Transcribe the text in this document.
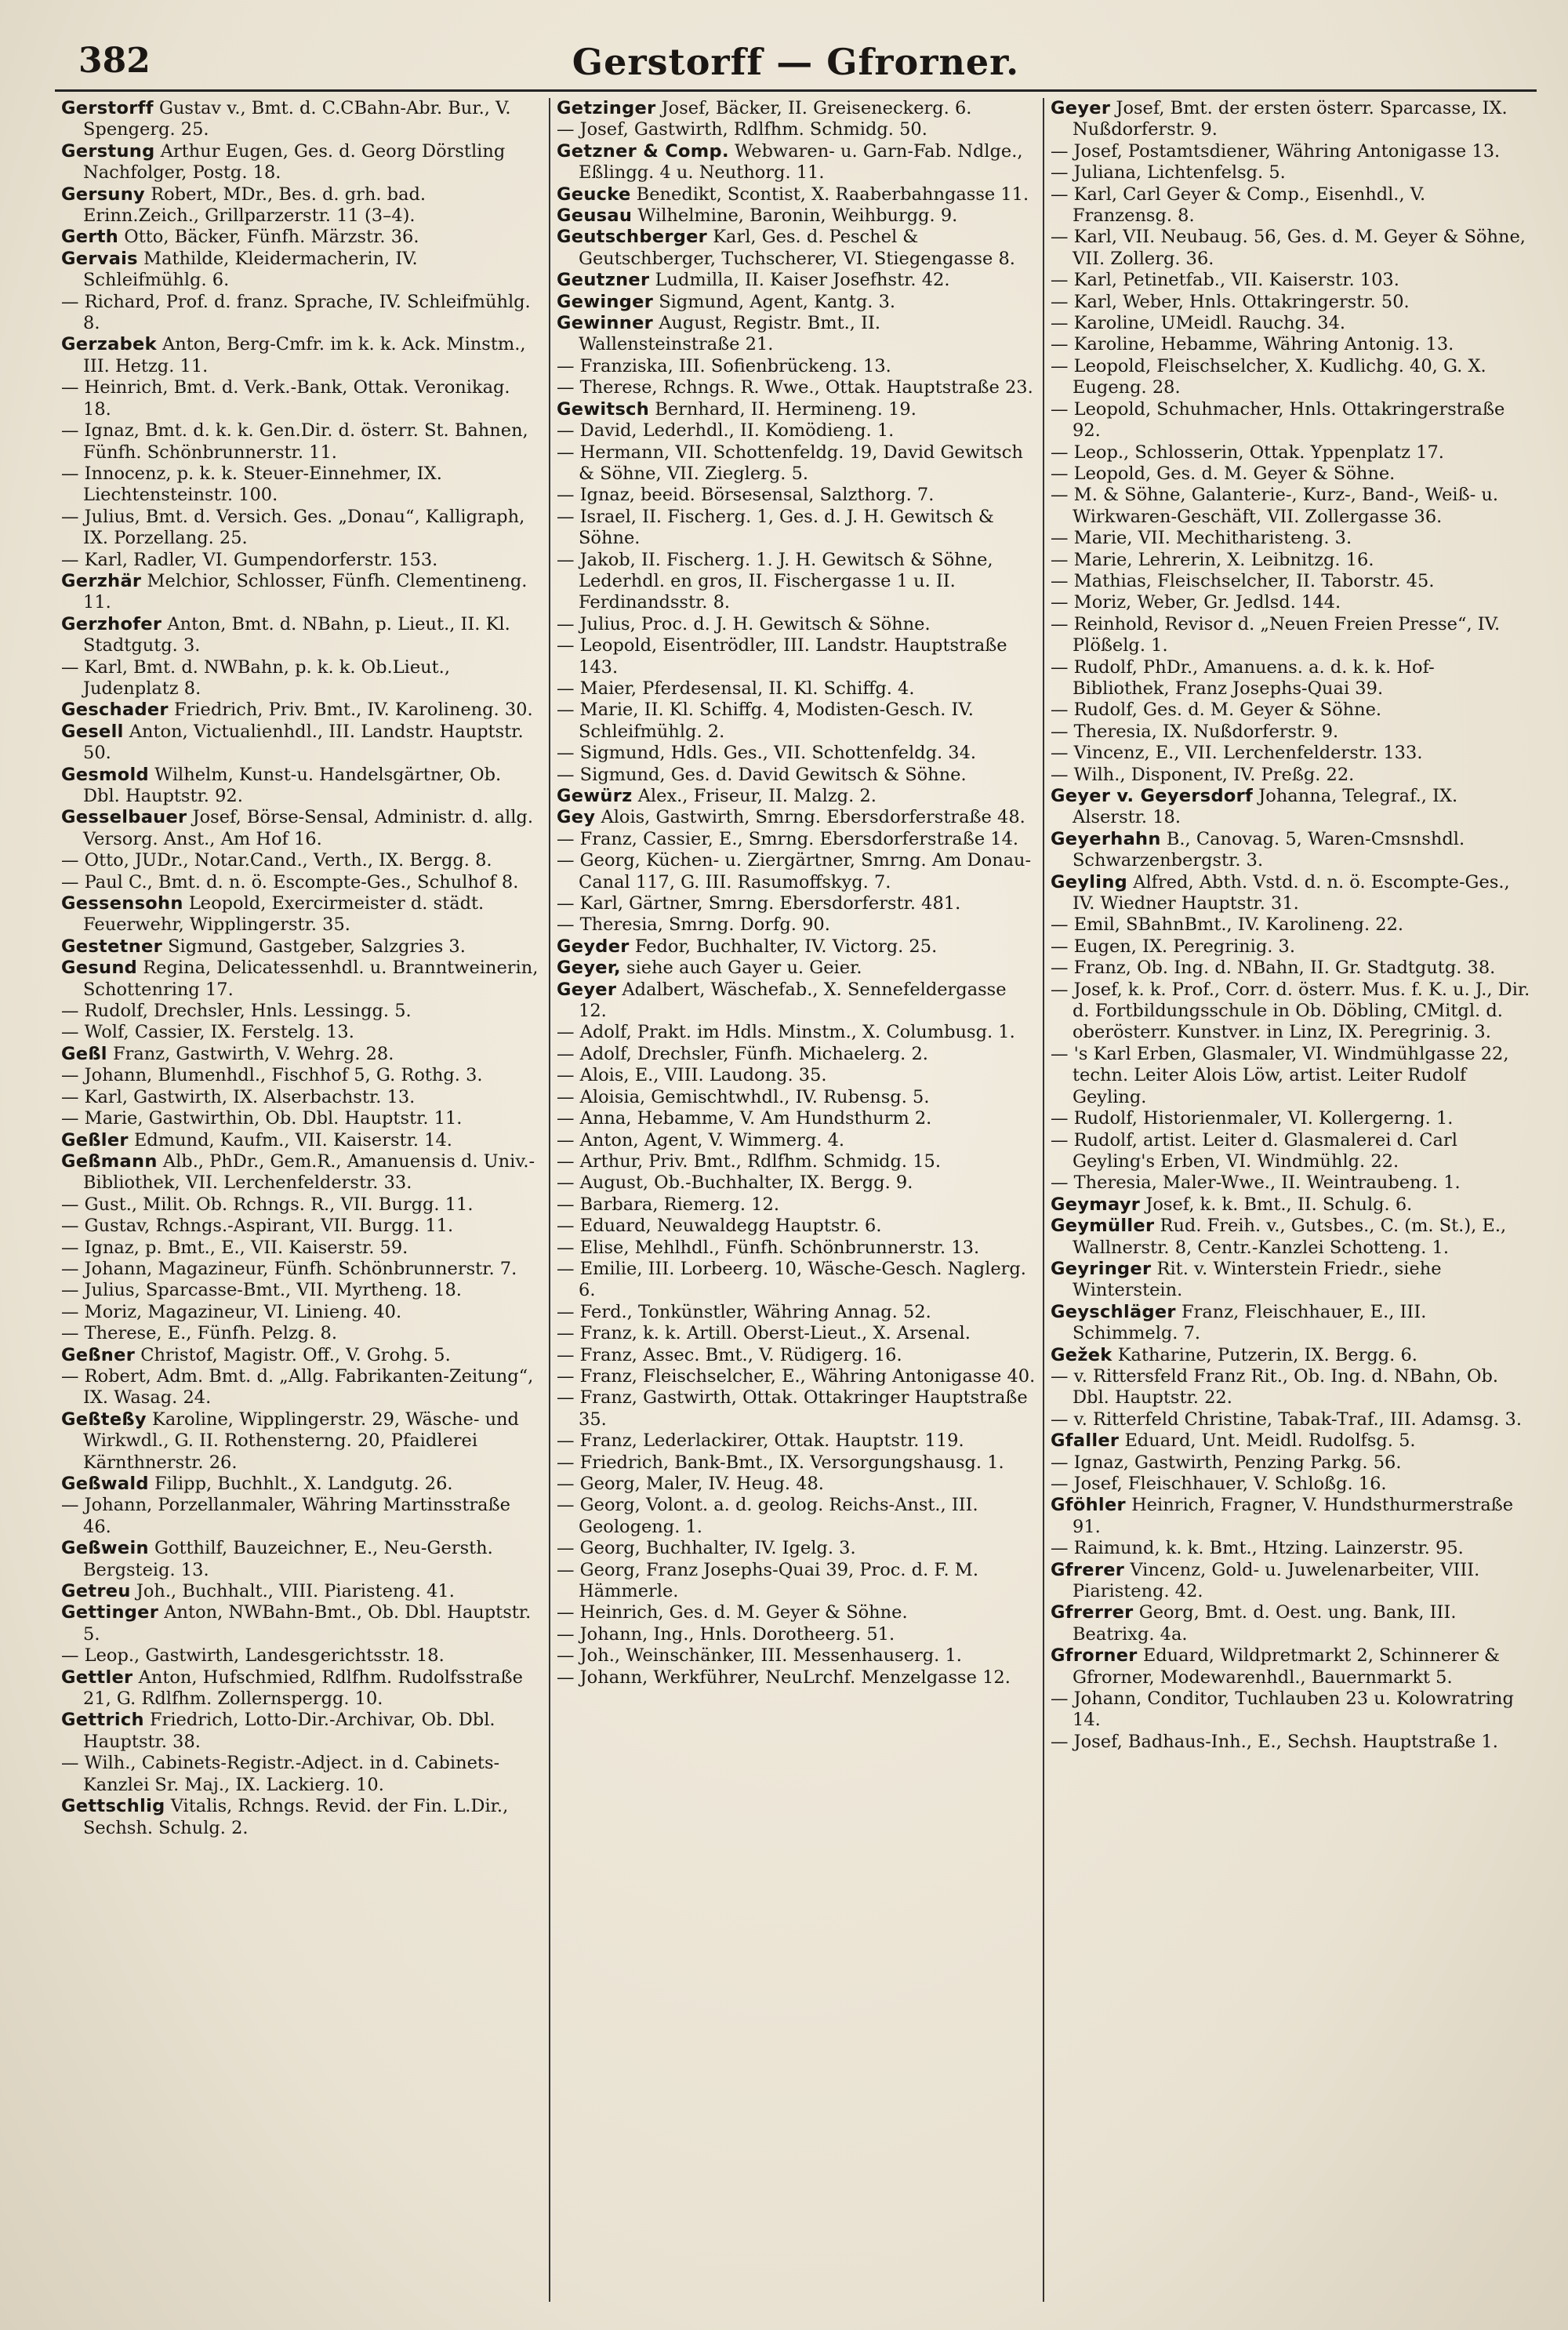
382	Gerstorff — Gfrorner.

Gerstorff Gustav v., Bmt. d. C.CBahn-Abr. Bur., V. Spengerg. 25.

Gerstung Arthur Eugen, Ges. d. Georg Dörstling Nachfolger, Postg. 18.

Gersuny Robert, MDr., Bes. d. grh. bad. Erinn.Zeich., Grillparzerstr. 11 (3–4).

Gerth Otto, Bäcker, Fünfh. Märzstr. 36.

Gervais Mathilde, Kleidermacherin, IV. Schleifmühlg. 6.

— Richard, Prof. d. franz. Sprache, IV. Schleifmühlg. 8.

Gerzabek Anton, Berg-Cmfr. im k. k. Ack. Minstm., III. Hetzg. 11.

— Heinrich, Bmt. d. Verk.-Bank, Ottak. Veronikag. 18.

— Ignaz, Bmt. d. k. k. Gen.Dir. d. österr. St. Bahnen, Fünfh. Schönbrunnerstr. 11.

— Innocenz, p. k. k. Steuer-Einnehmer, IX. Liechtensteinstr. 100.

— Julius, Bmt. d. Versich. Ges. „Donau“, Kalligraph, IX. Porzellang. 25.

— Karl, Radler, VI. Gumpendorferstr. 153.

Gerzhär Melchior, Schlosser, Fünfh. Clementineng. 11.

Gerzhofer Anton, Bmt. d. NBahn, p. Lieut., II. Kl. Stadtgutg. 3.

— Karl, Bmt. d. NWBahn, p. k. k. Ob.Lieut., Judenplatz 8.

Geschader Friedrich, Priv. Bmt., IV. Karolineng. 30.

Gesell Anton, Victualienhdl., III. Landstr. Hauptstr. 50.

Gesmold Wilhelm, Kunst-u. Handelsgärtner, Ob. Dbl. Hauptstr. 92.

Gesselbauer Josef, Börse-Sensal, Administr. d. allg. Versorg. Anst., Am Hof 16.

— Otto, JUDr., Notar.Cand., Verth., IX. Bergg. 8.

— Paul C., Bmt. d. n. ö. Escompte-Ges., Schulhof 8.

Gessensohn Leopold, Exercirmeister d. städt. Feuerwehr, Wipplingerstr. 35.

Gestetner Sigmund, Gastgeber, Salzgries 3.

Gesund Regina, Delicatessenhdl. u. Branntweinerin, Schottenring 17.

— Rudolf, Drechsler, Hnls. Lessingg. 5.

— Wolf, Cassier, IX. Ferstelg. 13.

Geßl Franz, Gastwirth, V. Wehrg. 28.

— Johann, Blumenhdl., Fischhof 5, G. Rothg. 3.

— Karl, Gastwirth, IX. Alserbachstr. 13.

— Marie, Gastwirthin, Ob. Dbl. Hauptstr. 11.

Geßler Edmund, Kaufm., VII. Kaiserstr. 14.

Geßmann Alb., PhDr., Gem.R., Amanuensis d. Univ.-Bibliothek, VII. Lerchenfelderstr. 33.

— Gust., Milit. Ob. Rchngs. R., VII. Burgg. 11.

— Gustav, Rchngs.-Aspirant, VII. Burgg. 11.

— Ignaz, p. Bmt., E., VII. Kaiserstr. 59.

— Johann, Magazineur, Fünfh. Schönbrunnerstr. 7.

— Julius, Sparcasse-Bmt., VII. Myrtheng. 18.

— Moriz, Magazineur, VI. Linieng. 40.

— Therese, E., Fünfh. Pelzg. 8.

Geßner Christof, Magistr. Off., V. Grohg. 5.

— Robert, Adm. Bmt. d. „Allg. Fabrikanten-Zeitung“, IX. Wasag. 24.

Geßteßy Karoline, Wipplingerstr. 29, Wäsche- und Wirkwdl., G. II. Rothensterng. 20, Pfaidlerei Kärnthnerstr. 26.

Geßwald Filipp, Buchhlt., X. Landgutg. 26.

— Johann, Porzellanmaler, Währing Martinsstraße 46.

Geßwein Gotthilf, Bauzeichner, E., Neu-Gersth. Bergsteig. 13.

Getreu Joh., Buchhalt., VIII. Piaristeng. 41.

Gettinger Anton, NWBahn-Bmt., Ob. Dbl. Hauptstr. 5.

— Leop., Gastwirth, Landesgerichtsstr. 18.

Gettler Anton, Hufschmied, Rdlfhm. Rudolfsstraße 21, G. Rdlfhm. Zollernspergg. 10.

Gettrich Friedrich, Lotto-Dir.-Archivar, Ob. Dbl. Hauptstr. 38.

— Wilh., Cabinets-Registr.-Adject. in d. Cabinets-Kanzlei Sr. Maj., IX. Lackierg. 10.

Gettschlig Vitalis, Rchngs. Revid. der Fin. L.Dir., Sechsh. Schulg. 2.

Getzinger Josef, Bäcker, II. Greiseneckerg. 6.

— Josef, Gastwirth, Rdlfhm. Schmidg. 50.

Getzner & Comp. Webwaren- u. Garn-Fab. Ndlge., Eßlingg. 4 u. Neuthorg. 11.

Geucke Benedikt, Scontist, X. Raaberbahngasse 11.

Geusau Wilhelmine, Baronin, Weihburgg. 9.

Geutschberger Karl, Ges. d. Peschel & Geutschberger, Tuchscherer, VI. Stiegengasse 8.

Geutzner Ludmilla, II. Kaiser Josefhstr. 42.

Gewinger Sigmund, Agent, Kantg. 3.

Gewinner August, Registr. Bmt., II. Wallensteinstraße 21.

— Franziska, III. Sofienbrückeng. 13.

— Therese, Rchngs. R. Wwe., Ottak. Hauptstraße 23.

Gewitsch Bernhard, II. Hermineng. 19.

— David, Lederhdl., II. Komödieng. 1.

— Hermann, VII. Schottenfeldg. 19, David Gewitsch & Söhne, VII. Zieglerg. 5.

— Ignaz, beeid. Börsesensal, Salzthorg. 7.

— Israel, II. Fischerg. 1, Ges. d. J. H. Gewitsch & Söhne.

— Jakob, II. Fischerg. 1. J. H. Gewitsch & Söhne, Lederhdl. en gros, II. Fischergasse 1 u. II. Ferdinandsstr. 8.

— Julius, Proc. d. J. H. Gewitsch & Söhne.

— Leopold, Eisentrödler, III. Landstr. Hauptstraße 143.

— Maier, Pferdesensal, II. Kl. Schiffg. 4.

— Marie, II. Kl. Schiffg. 4, Modisten-Gesch. IV. Schleifmühlg. 2.

— Sigmund, Hdls. Ges., VII. Schottenfeldg. 34.

— Sigmund, Ges. d. David Gewitsch & Söhne.

Gewürz Alex., Friseur, II. Malzg. 2.

Gey Alois, Gastwirth, Smrng. Ebersdorferstraße 48.

— Franz, Cassier, E., Smrng. Ebersdorferstraße 14.

— Georg, Küchen- u. Ziergärtner, Smrng. Am Donau-Canal 117, G. III. Rasumoffskyg. 7.

— Karl, Gärtner, Smrng. Ebersdorferstr. 481.

— Theresia, Smrng. Dorfg. 90.

Geyder Fedor, Buchhalter, IV. Victorg. 25.

Geyer, siehe auch Gayer u. Geier.

Geyer Adalbert, Wäschefab., X. Sennefeldergasse 12.

— Adolf, Prakt. im Hdls. Minstm., X. Columbusg. 1.

— Adolf, Drechsler, Fünfh. Michaelerg. 2.

— Alois, E., VIII. Laudong. 35.

— Aloisia, Gemischtwhdl., IV. Rubensg. 5.

— Anna, Hebamme, V. Am Hundsthurm 2.

— Anton, Agent, V. Wimmerg. 4.

— Arthur, Priv. Bmt., Rdlfhm. Schmidg. 15.

— August, Ob.-Buchhalter, IX. Bergg. 9.

— Barbara, Riemerg. 12.

— Eduard, Neuwaldegg Hauptstr. 6.

— Elise, Mehlhdl., Fünfh. Schönbrunnerstr. 13.

— Emilie, III. Lorbeerg. 10, Wäsche-Gesch. Naglerg. 6.

— Ferd., Tonkünstler, Währing Annag. 52.

— Franz, k. k. Artill. Oberst-Lieut., X. Arsenal.

— Franz, Assec. Bmt., V. Rüdigerg. 16.

— Franz, Fleischselcher, E., Währing Antonigasse 40.

— Franz, Gastwirth, Ottak. Ottakringer Hauptstraße 35.

— Franz, Lederlackirer, Ottak. Hauptstr. 119.

— Friedrich, Bank-Bmt., IX. Versorgungshausg. 1.

— Georg, Maler, IV. Heug. 48.

— Georg, Volont. a. d. geolog. Reichs-Anst., III. Geologeng. 1.

— Georg, Buchhalter, IV. Igelg. 3.

— Georg, Franz Josephs-Quai 39, Proc. d. F. M. Hämmerle.

— Heinrich, Ges. d. M. Geyer & Söhne.

— Johann, Ing., Hnls. Dorotheerg. 51.

— Joh., Weinschänker, III. Messenhauserg. 1.

— Johann, Werkführer, NeuLrchf. Menzelgasse 12.

Geyer Josef, Bmt. der ersten österr. Sparcasse, IX. Nußdorferstr. 9.

— Josef, Postamtsdiener, Währing Antonigasse 13.

— Juliana, Lichtenfelsg. 5.

— Karl, Carl Geyer & Comp., Eisenhdl., V. Franzensg. 8.

— Karl, VII. Neubaug. 56, Ges. d. M. Geyer & Söhne, VII. Zollerg. 36.

— Karl, Petinetfab., VII. Kaiserstr. 103.

— Karl, Weber, Hnls. Ottakringerstr. 50.

— Karoline, UMeidl. Rauchg. 34.

— Karoline, Hebamme, Währing Antonig. 13.

— Leopold, Fleischselcher, X. Kudlichg. 40, G. X. Eugeng. 28.

— Leopold, Schuhmacher, Hnls. Ottakringerstraße 92.

— Leop., Schlosserin, Ottak. Yppenplatz 17.

— Leopold, Ges. d. M. Geyer & Söhne.

— M. & Söhne, Galanterie-, Kurz-, Band-, Weiß- u. Wirkwaren-Geschäft, VII. Zollergasse 36.

— Marie, VII. Mechitharisteng. 3.

— Marie, Lehrerin, X. Leibnitzg. 16.

— Mathias, Fleischselcher, II. Taborstr. 45.

— Moriz, Weber, Gr. Jedlsd. 144.

— Reinhold, Revisor d. „Neuen Freien Presse“, IV. Plößelg. 1.

— Rudolf, PhDr., Amanuens. a. d. k. k. Hof-Bibliothek, Franz Josephs-Quai 39.

— Rudolf, Ges. d. M. Geyer & Söhne.

— Theresia, IX. Nußdorferstr. 9.

— Vincenz, E., VII. Lerchenfelderstr. 133.

— Wilh., Disponent, IV. Preßg. 22.

Geyer v. Geyersdorf Johanna, Telegraf., IX. Alserstr. 18.

Geyerhahn B., Canovag. 5, Waren-Cmsnshdl. Schwarzenbergstr. 3.

Geyling Alfred, Abth. Vstd. d. n. ö. Escompte-Ges., IV. Wiedner Hauptstr. 31.

— Emil, SBahnBmt., IV. Karolineng. 22.

— Eugen, IX. Peregrinig. 3.

— Franz, Ob. Ing. d. NBahn, II. Gr. Stadtgutg. 38.

— Josef, k. k. Prof., Corr. d. österr. Mus. f. K. u. J., Dir. d. Fortbildungsschule in Ob. Döbling, CMitgl. d. oberösterr. Kunstver. in Linz, IX. Peregrinig. 3.

— 's Karl Erben, Glasmaler, VI. Windmühlgasse 22, techn. Leiter Alois Löw, artist. Leiter Rudolf Geyling.

— Rudolf, Historienmaler, VI. Kollergerng. 1.

— Rudolf, artist. Leiter d. Glasmalerei d. Carl Geyling's Erben, VI. Windmühlg. 22.

— Theresia, Maler-Wwe., II. Weintraubeng. 1.

Geymayr Josef, k. k. Bmt., II. Schulg. 6.

Geymüller Rud. Freih. v., Gutsbes., C. (m. St.), E., Wallnerstr. 8, Centr.-Kanzlei Schotteng. 1.

Geyringer Rit. v. Winterstein Friedr., siehe Winterstein.

Geyschläger Franz, Fleischhauer, E., III. Schimmelg. 7.

Gežek Katharine, Putzerin, IX. Bergg. 6.

— v. Rittersfeld Franz Rit., Ob. Ing. d. NBahn, Ob. Dbl. Hauptstr. 22.

— v. Ritterfeld Christine, Tabak-Traf., III. Adamsg. 3.

Gfaller Eduard, Unt. Meidl. Rudolfsg. 5.

— Ignaz, Gastwirth, Penzing Parkg. 56.

— Josef, Fleischhauer, V. Schloßg. 16.

Gföhler Heinrich, Fragner, V. Hundsthurmerstraße 91.

— Raimund, k. k. Bmt., Htzing. Lainzerstr. 95.

Gfrerer Vincenz, Gold- u. Juwelenarbeiter, VIII. Piaristeng. 42.

Gfrerrer Georg, Bmt. d. Oest. ung. Bank, III. Beatrixg. 4a.

Gfrorner Eduard, Wildpretmarkt 2, Schinnerer & Gfrorner, Modewarenhdl., Bauernmarkt 5.

— Johann, Conditor, Tuchlauben 23 u. Kolowratring 14.

— Josef, Badhaus-Inh., E., Sechsh. Hauptstraße 1.
